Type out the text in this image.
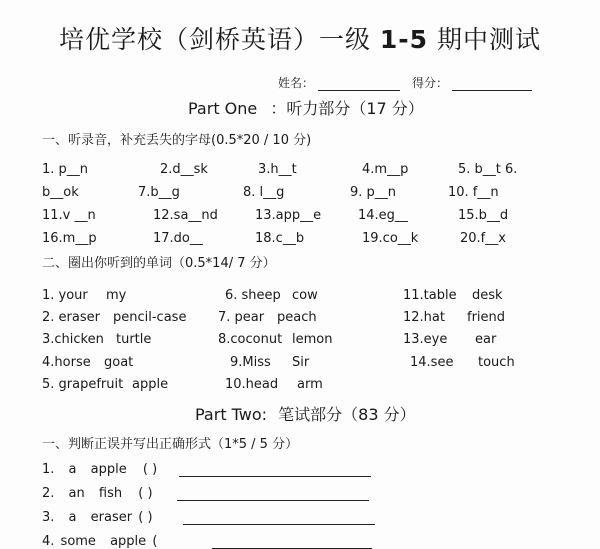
培优学校（剑桥英语）一级 1-5 期中测试
姓名：	得分：
Part One ：听力部分（17 分）
一、听录音，补充丢失的字母(0.5*20 / 10 分)
1. p__n	2.d__sk	3.h__t	4.m__p	5. b__t 6.
b__ok	7.b__g	8. l__g	9. p__n	10. f__n
11.v __n	12.sa__nd	13.app__e	14.eg__	15.b__d
16.m__p	17.do__	18.c__b	19.co__k	20.f__x
二、圈出你听到的单词（0.5*14/ 7 分）
1. your my	6. sheep cow	11.table desk
2. eraser pencil-case 7. pear peach	12.hat friend
3.chicken turtle	8.coconut lemon	13.eye ear
4.horse goat	9.Miss Sir	14.see touch
5. grapefruit apple	10.head arm
Part Two: 笔试部分（83 分）
一、判断正误并写出正确形式（1*5 / 5 分）
1. a apple ( )
2. an fish ( )
3. a eraser ( )
4. some apple (
